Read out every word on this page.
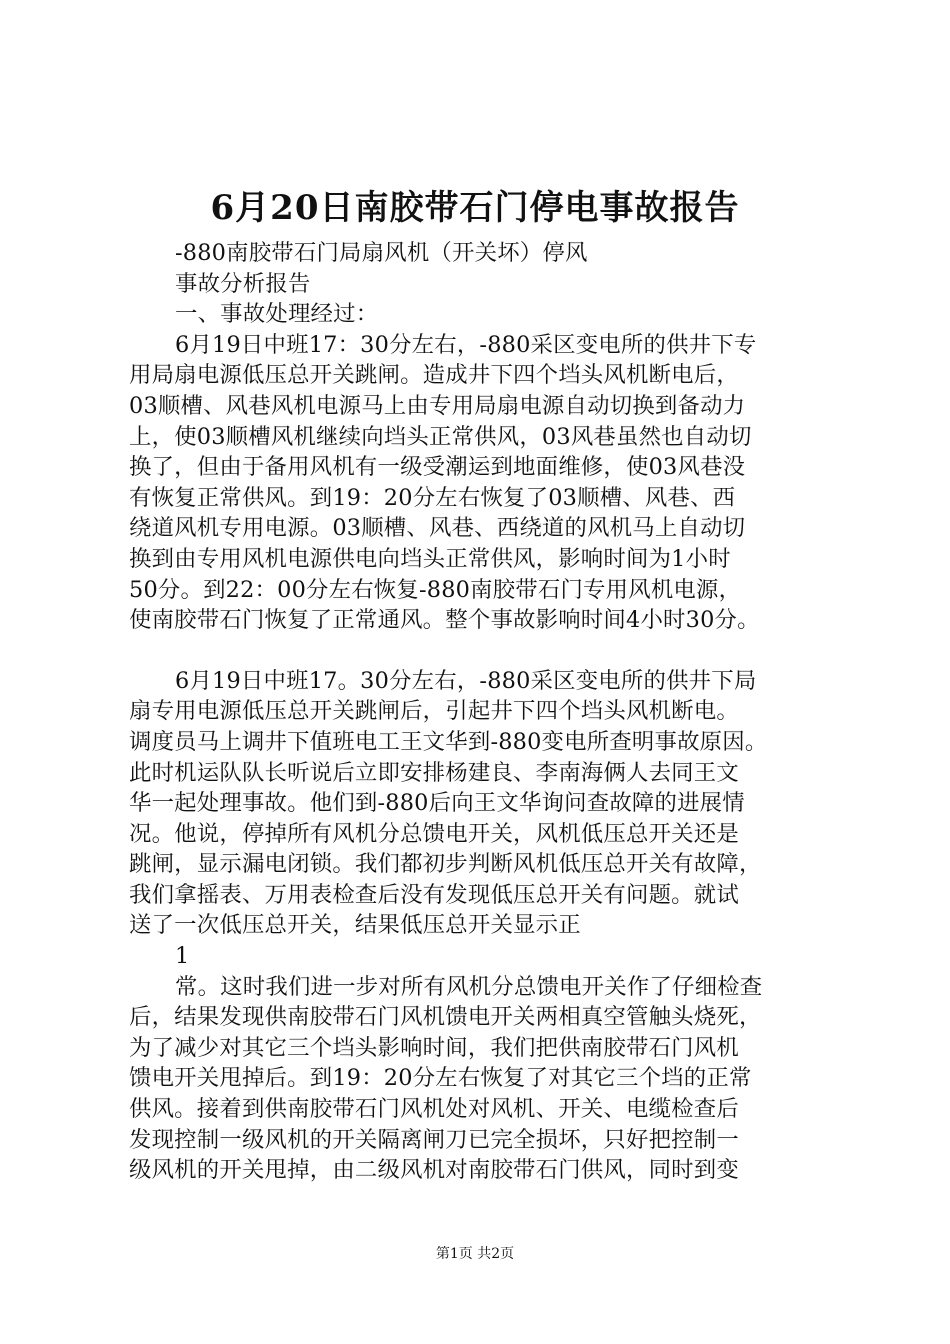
6月20日南胶带石门停电事故报告
-880南胶带石门局扇风机（开关坏）停风
事故分析报告
一、事故处理经过：
6月19日中班17：30分左右，-880采区变电所的供井下专
用局扇电源低压总开关跳闸。造成井下四个垱头风机断电后，
03顺槽、风巷风机电源马上由专用局扇电源自动切换到备动力
上，使03顺槽风机继续向垱头正常供风，03风巷虽然也自动切
换了，但由于备用风机有一级受潮运到地面维修，使03风巷没
有恢复正常供风。到19：20分左右恢复了03顺槽、风巷、西
绕道风机专用电源。03顺槽、风巷、西绕道的风机马上自动切
换到由专用风机电源供电向垱头正常供风，影响时间为1小时
50分。到22：00分左右恢复-880南胶带石门专用风机电源，
使南胶带石门恢复了正常通风。整个事故影响时间4小时30分。
6月19日中班17。30分左右，-880采区变电所的供井下局
扇专用电源低压总开关跳闸后，引起井下四个垱头风机断电。
调度员马上调井下值班电工王文华到-880变电所查明事故原因。
此时机运队队长听说后立即安排杨建良、李南海俩人去同王文
华一起处理事故。他们到-880后向王文华询问查故障的进展情
况。他说，停掉所有风机分总馈电开关，风机低压总开关还是
跳闸，显示漏电闭锁。我们都初步判断风机低压总开关有故障，
我们拿摇表、万用表检查后没有发现低压总开关有问题。就试
送了一次低压总开关，结果低压总开关显示正
1
常。这时我们进一步对所有风机分总馈电开关作了仔细检查
后，结果发现供南胶带石门风机馈电开关两相真空管触头烧死，
为了减少对其它三个垱头影响时间，我们把供南胶带石门风机
馈电开关甩掉后。到19：20分左右恢复了对其它三个垱的正常
供风。接着到供南胶带石门风机处对风机、开关、电缆检查后
发现控制一级风机的开关隔离闸刀已完全损坏，只好把控制一
级风机的开关甩掉，由二级风机对南胶带石门供风，同时到变
第1页 共2页
